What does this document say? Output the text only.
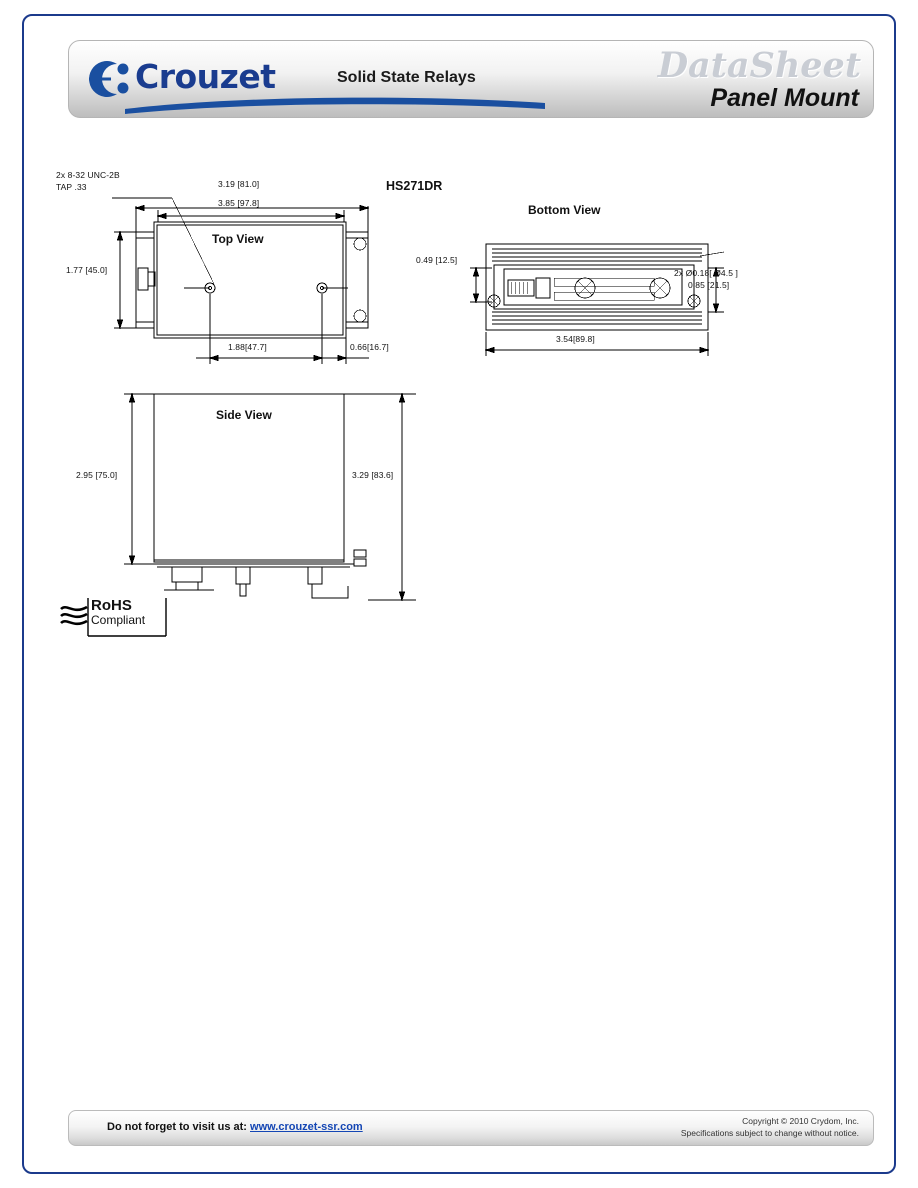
Crouzet	Solid State Relays	DataSheet
Panel Mount
2x 8-32 UNC-2B
TAP .33	3.19 [81.0]
3.85 [97.8]
1.77 [45.0]
1.88[47.7]	0.66[16.7]
Top View
HS271DR
Bottom View
0.49 [12.5]
2x Ø0.18[ Ø4.5 ]
0.85 [21.5]
3.54[89.8]
Side View
2.95 [75.0]	3.29 [83.6]
RoHS
Compliant
Do not forget to visit us at: www.crouzet-ssr.com	Copyright © 2010 Crydom, Inc.
Specifications subject to change without notice.
